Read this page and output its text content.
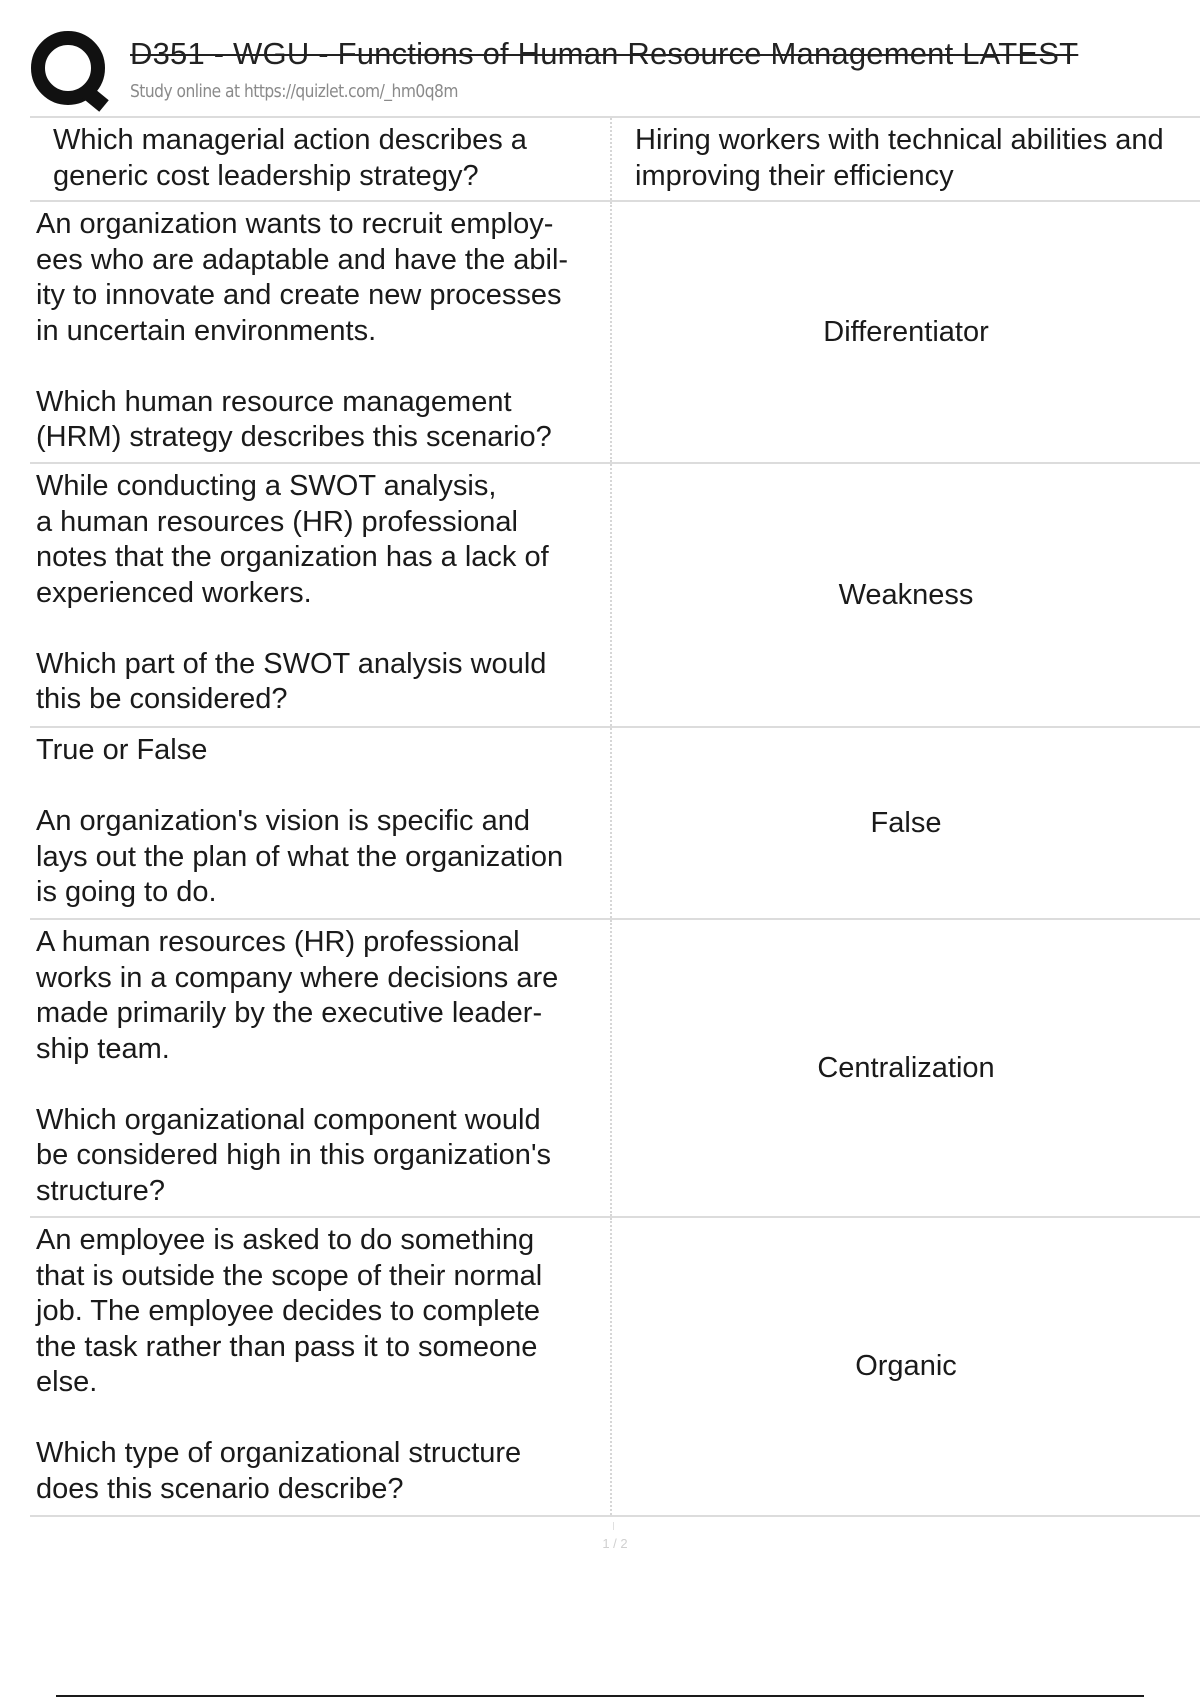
D351 - WGU - Functions of Human Resource Management LATEST
Study online at https://quizlet.com/_hm0q8m
Which managerial action describes a
generic cost leadership strategy?
Hiring workers with technical abilities and improving their efficiency
An organization wants to recruit employ-
ees who are adaptable and have the abil-
ity to innovate and create new processes
in uncertain environments.

Which human resource management
(HRM) strategy describes this scenario?
Differentiator
While conducting a SWOT analysis,
a human resources (HR) professional
notes that the organization has a lack of
experienced workers.

Which part of the SWOT analysis would
this be considered?
Weakness
True or False

An organization's vision is specific and
lays out the plan of what the organization
is going to do.
False
A human resources (HR) professional
works in a company where decisions are
made primarily by the executive leader-
ship team.

Which organizational component would
be considered high in this organization's
structure?
Centralization
An employee is asked to do something
that is outside the scope of their normal
job. The employee decides to complete
the task rather than pass it to someone
else.

Which type of organizational structure
does this scenario describe?
Organic
1 / 2
